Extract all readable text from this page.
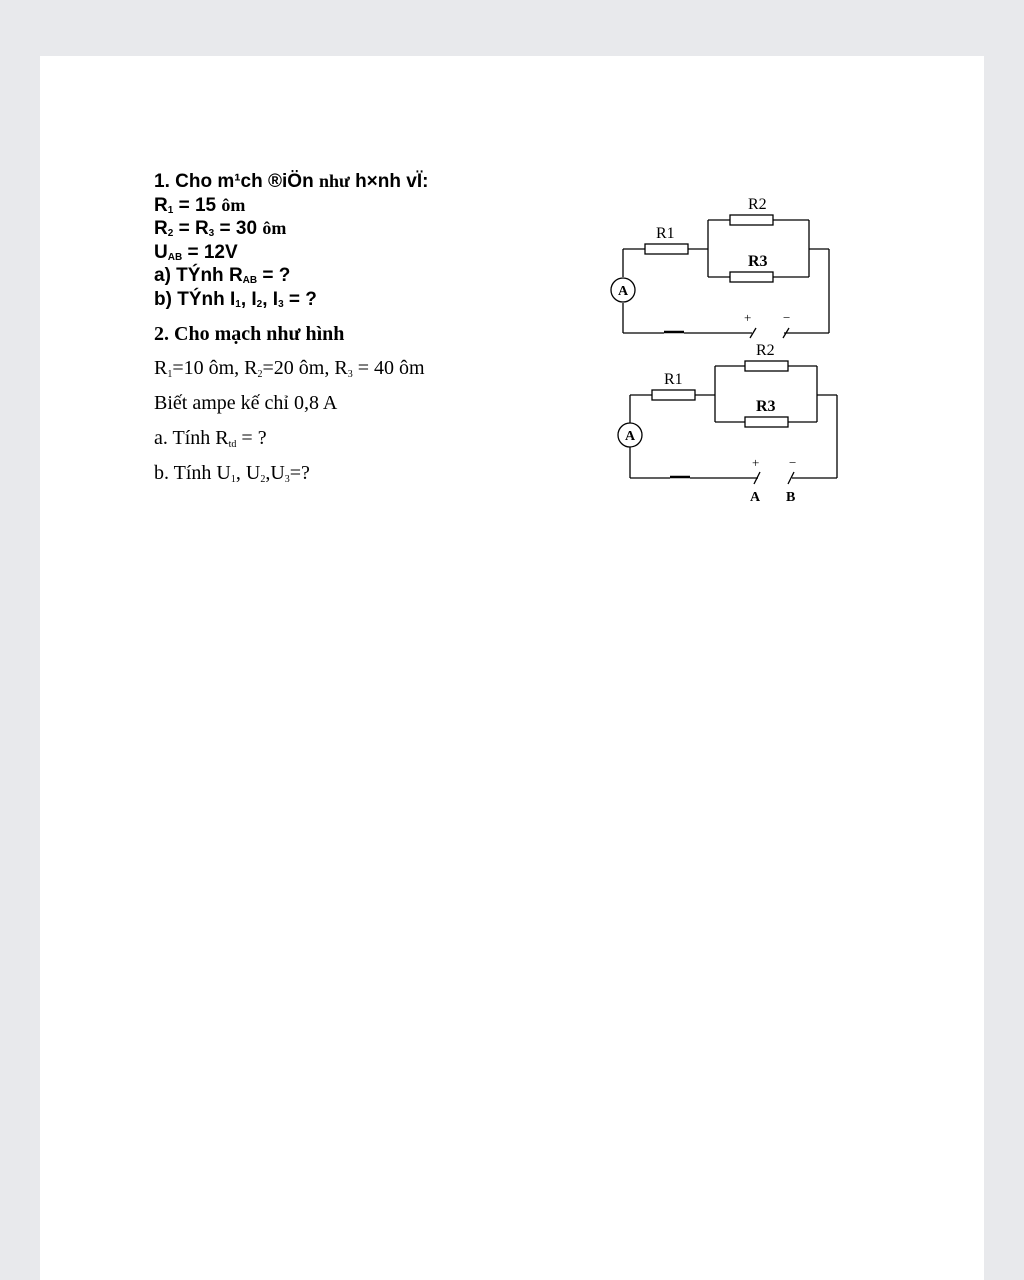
1. Cho m¹ch ®iÖn như h×nh vÏ:
$R_1 = 15$ ôm
$R_2 = R_3 = 30$ ôm
$U_{AB} = 12V$
a) TÝnh $R_{AB}$ = ?
b) TÝnh $I_1$, $I_2$, $I_3$ = ?
2. Cho mạch như hình
$R_1=10$ ôm, $R_2=20$ ôm, $R_3 = 40$ ôm
Biết ampe kế chỉ 0,8 A
a. Tính $R_{td}$ = ?
b. Tính $U_1$, $U_2,U_3=$?
R1
R2
R3
A
+ −
R1
R2
R3
A
+ −
A B
